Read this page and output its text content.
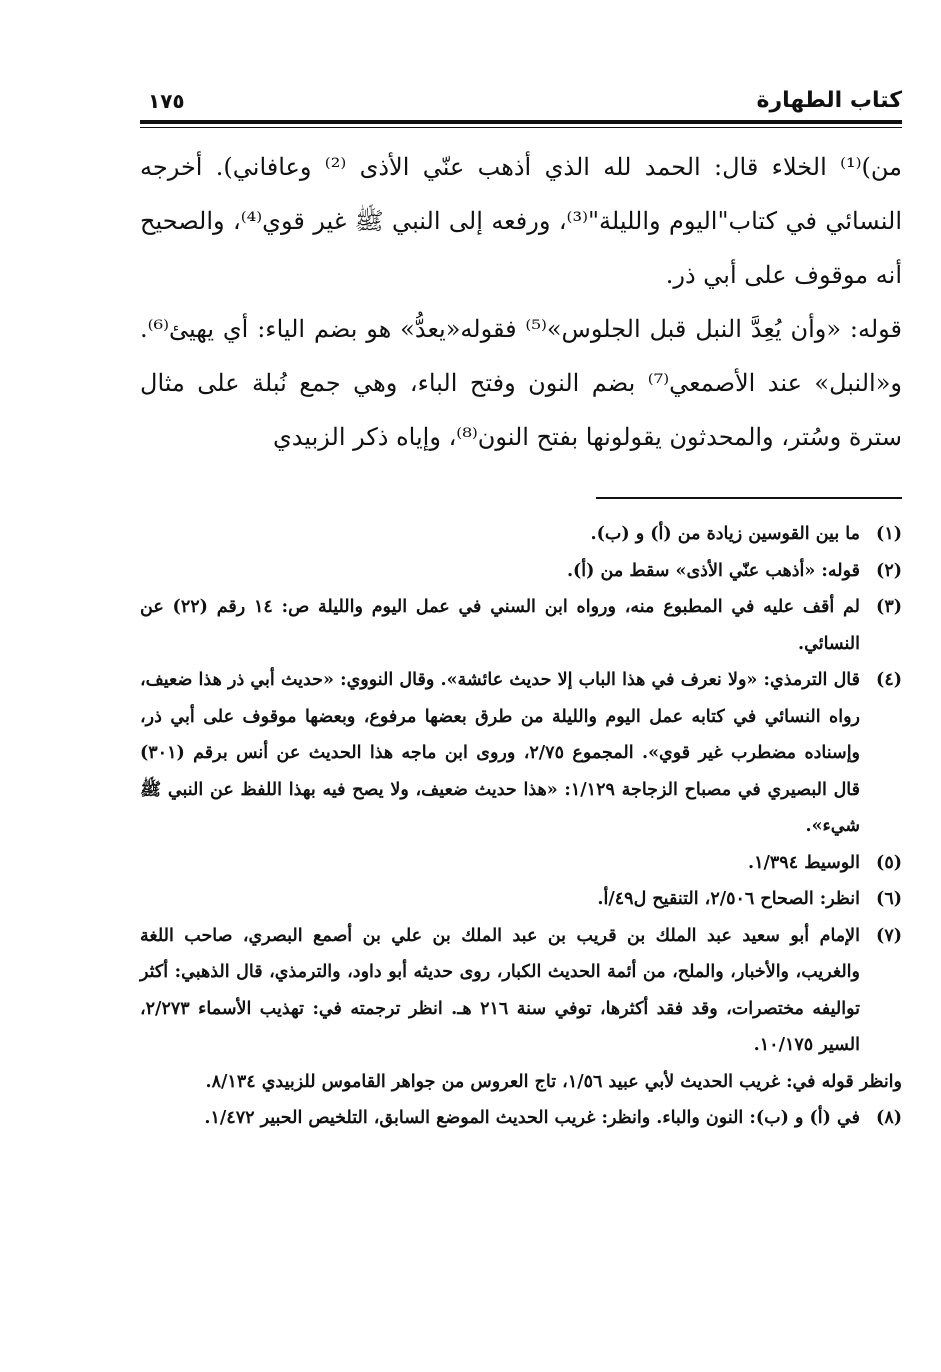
كتاب الطهارة
١٧٥

من)⁽¹⁾ الخلاء قال: الحمد لله الذي أذهب عنّي الأذى ⁽²⁾ وعافاني). أخرجه النسائي في كتاب"اليوم والليلة"⁽³⁾، ورفعه إلى النبي ﷺ غير قوي⁽⁴⁾، والصحيح أنه موقوف على أبي ذر.

قوله: «وأن يُعِدَّ النبل قبل الجلوس»⁽⁵⁾ فقوله«يعدُّ» هو بضم الياء: أي يهيئ⁽⁶⁾. و«النبل» عند الأصمعي⁽⁷⁾ بضم النون وفتح الباء، وهي جمع نُبلة على مثال سترة وسُتر، والمحدثون يقولونها بفتح النون⁽⁸⁾، وإياه ذكر الزبيدي

(١)
ما بين القوسين زيادة من (أ) و (ب).
(٢)
قوله: «أذهب عنّي الأذى» سقط من (أ).
(٣)
لم أقف عليه في المطبوع منه، ورواه ابن السني في عمل اليوم والليلة ص: ١٤ رقم (٢٢) عن النسائي.
(٤)
قال الترمذي: «ولا نعرف في هذا الباب إلا حديث عائشة». وقال النووي: «حديث أبي ذر هذا ضعيف، رواه النسائي في كتابه عمل اليوم والليلة من طرق بعضها مرفوع، وبعضها موقوف على أبي ذر، وإسناده مضطرب غير قوي». المجموع ٢/٧٥، وروى ابن ماجه هذا الحديث عن أنس برقم (٣٠١) قال البصيري في مصباح الزجاجة ١/١٢٩: «هذا حديث ضعيف، ولا يصح فيه بهذا اللفظ عن النبي ﷺ شيء».
(٥)
الوسيط ١/٣٩٤.
(٦)
انظر: الصحاح ٢/٥٠٦، التنقيح ل٤٩/أ.
(٧)
الإمام أبو سعيد عبد الملك بن قريب بن عبد الملك بن علي بن أصمع البصري، صاحب اللغة والغريب، والأخبار، والملح، من أئمة الحديث الكبار، روى حديثه أبو داود، والترمذي، قال الذهبي: أكثر تواليفه مختصرات، وقد فقد أكثرها، توفي سنة ٢١٦ هـ. انظر ترجمته في: تهذيب الأسماء ٢/٢٧٣، السير ١٠/١٧٥.
وانظر قوله في: غريب الحديث لأبي عبيد ١/٥٦، تاج العروس من جواهر القاموس للزبيدي ٨/١٣٤.
(٨)
في (أ) و (ب): النون والباء. وانظر: غريب الحديث الموضع السابق، التلخيص الحبير ١/٤٧٢.
